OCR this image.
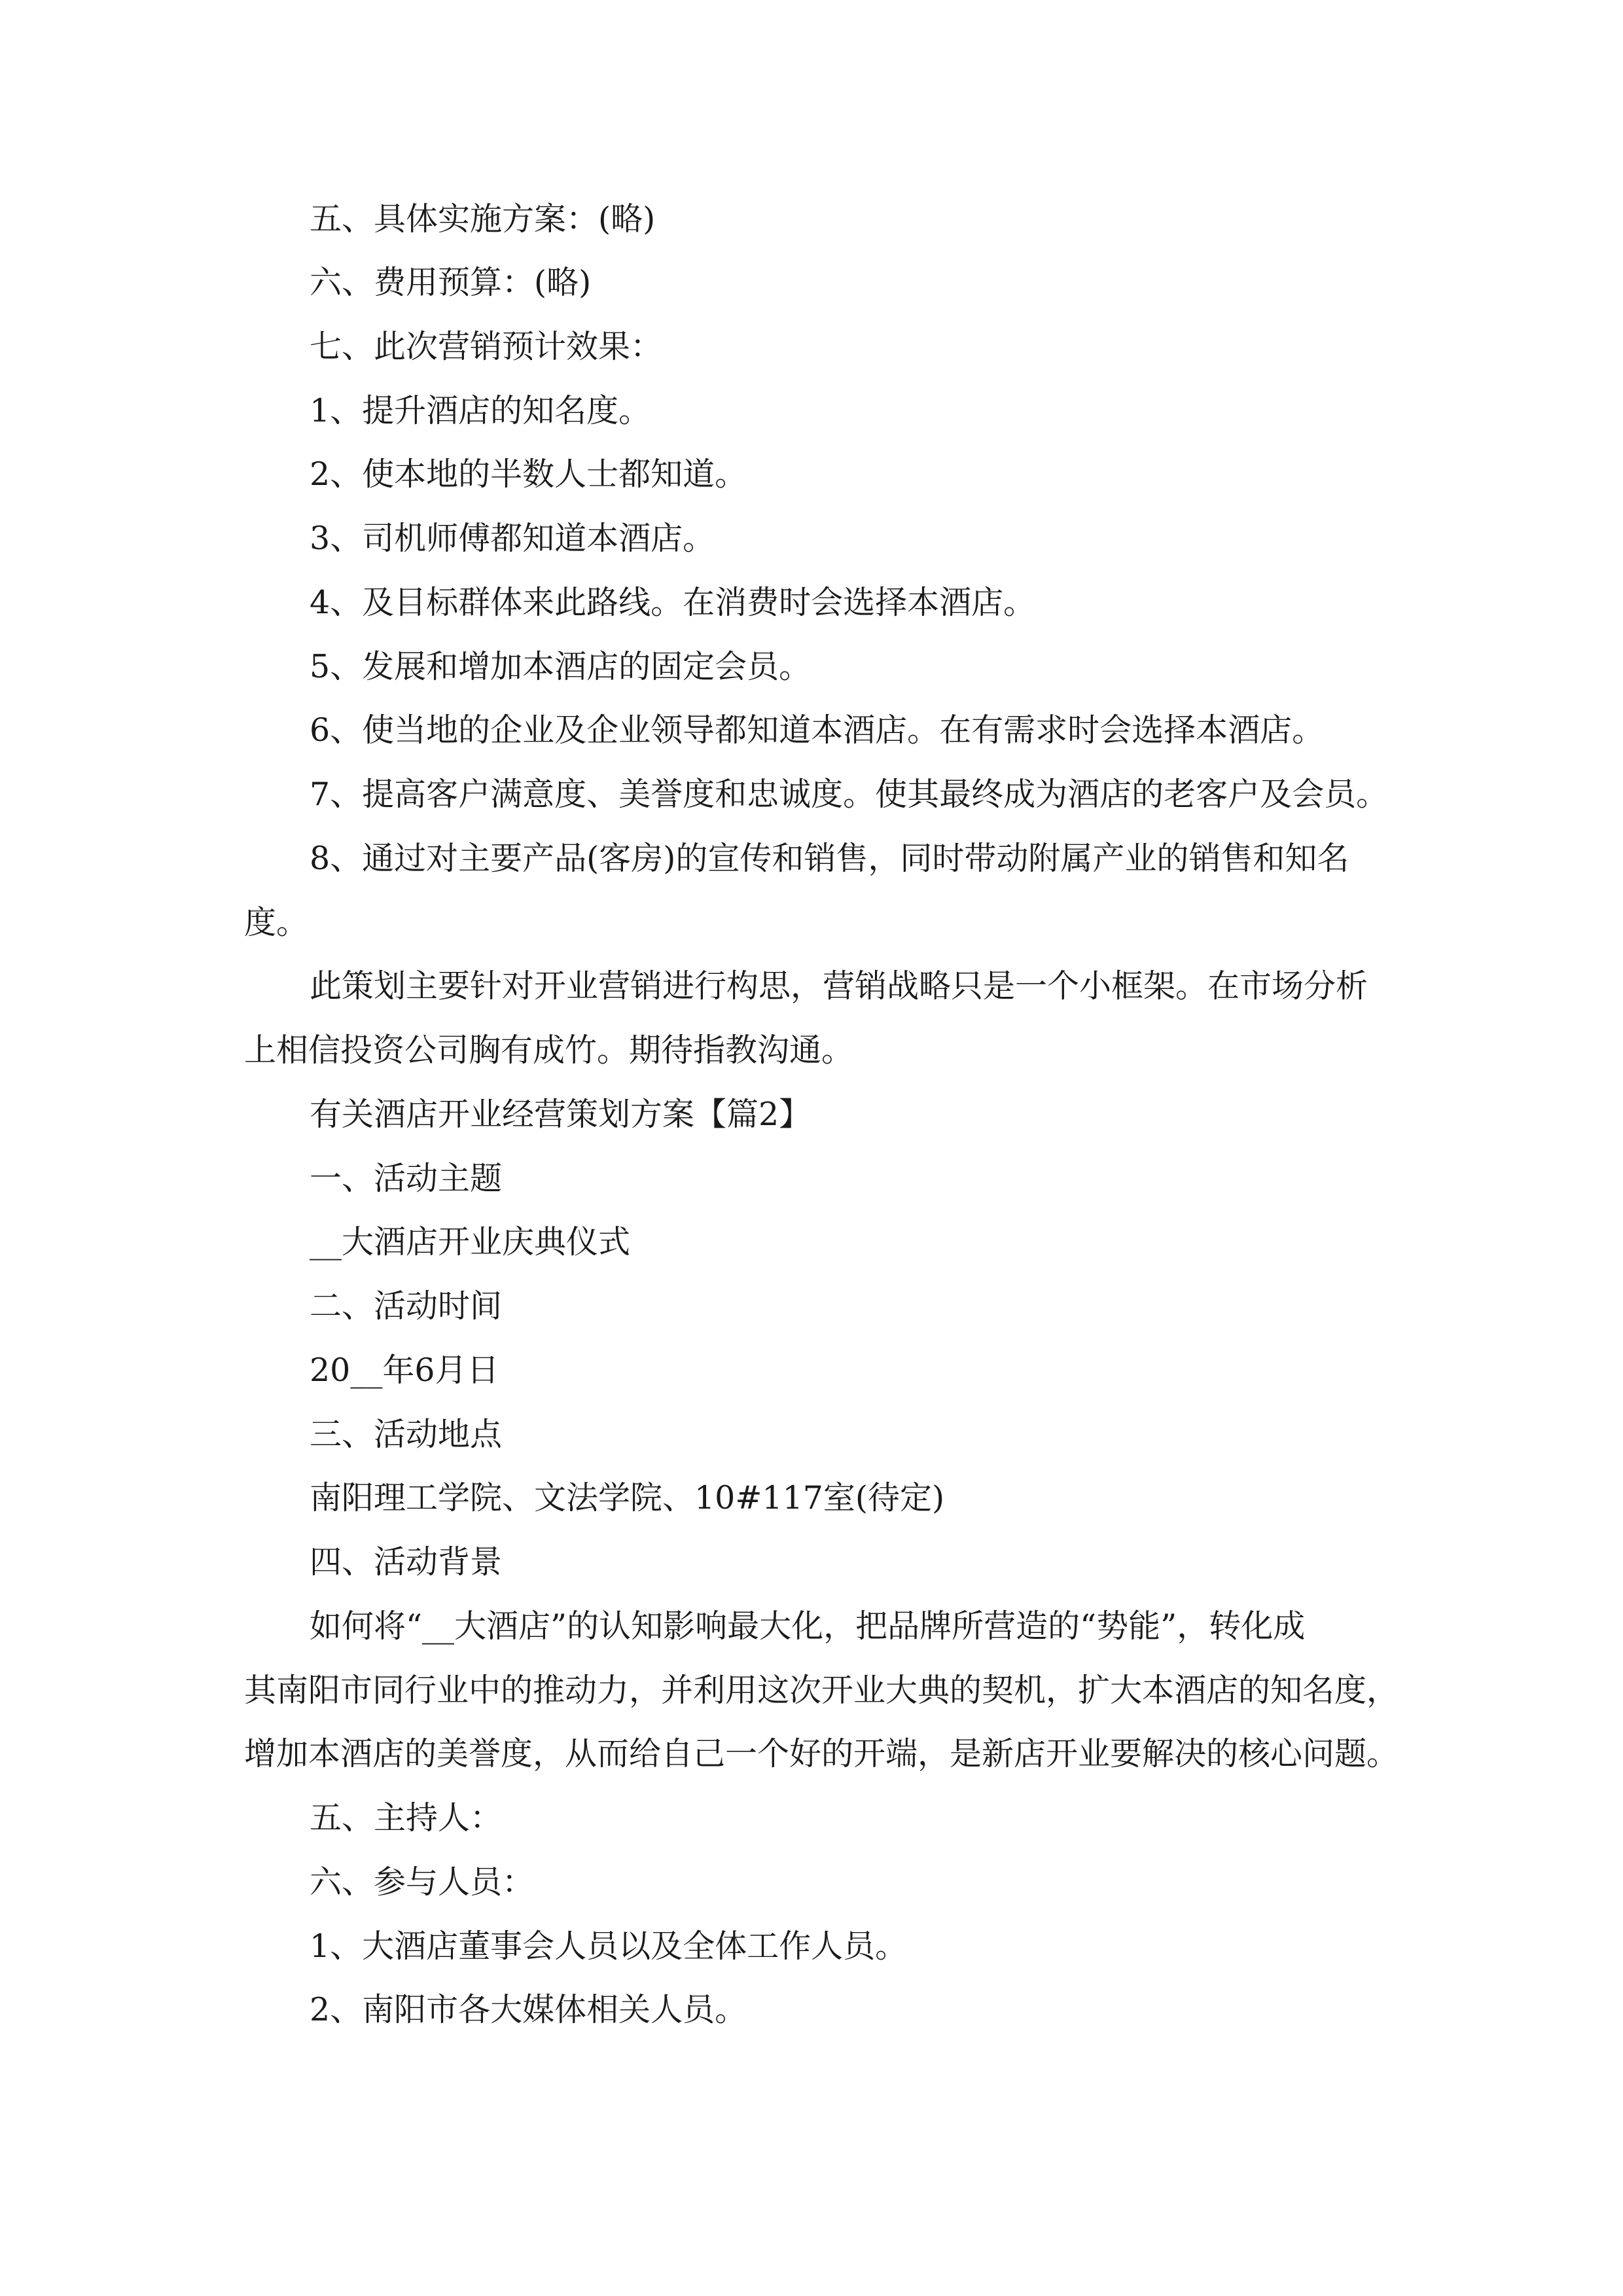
五、具体实施方案：(略)
六、费用预算：(略)
七、此次营销预计效果：
1、提升酒店的知名度。
2、使本地的半数人士都知道。
3、司机师傅都知道本酒店。
4、及目标群体来此路线。在消费时会选择本酒店。
5、发展和增加本酒店的固定会员。
6、使当地的企业及企业领导都知道本酒店。在有需求时会选择本酒店。
7、提高客户满意度、美誉度和忠诚度。使其最终成为酒店的老客户及会员。
8、通过对主要产品(客房)的宣传和销售，同时带动附属产业的销售和知名
度。
此策划主要针对开业营销进行构思，营销战略只是一个小框架。在市场分析
上相信投资公司胸有成竹。期待指教沟通。
有关酒店开业经营策划方案【篇2】
一、活动主题
__大酒店开业庆典仪式
二、活动时间
20__年6月日
三、活动地点
南阳理工学院、文法学院、10#117室(待定)
四、活动背景
如何将“__大酒店”的认知影响最大化，把品牌所营造的“势能”，转化成
其南阳市同行业中的推动力，并利用这次开业大典的契机，扩大本酒店的知名度，
增加本酒店的美誉度，从而给自己一个好的开端，是新店开业要解决的核心问题。
五、主持人：
六、参与人员：
1、大酒店董事会人员以及全体工作人员。
2、南阳市各大媒体相关人员。
